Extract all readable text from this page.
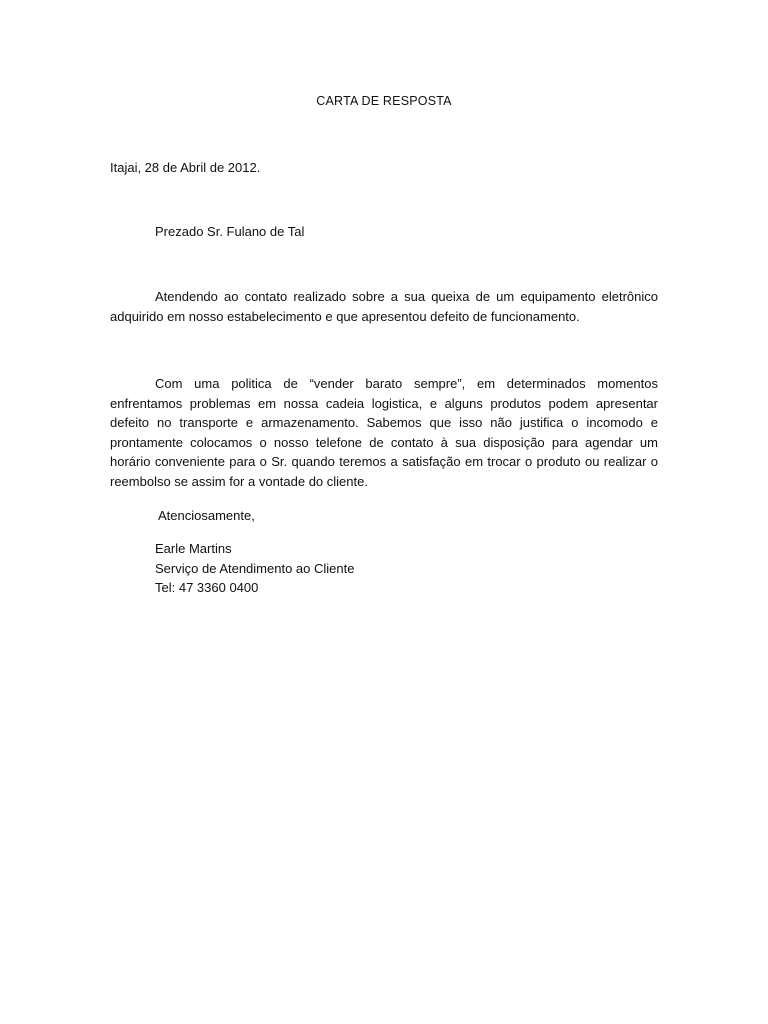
CARTA DE RESPOSTA

Itajai, 28 de Abril de 2012.

Prezado Sr. Fulano de Tal

Atendendo ao contato realizado sobre a sua queixa de um equipamento eletrônico adquirido em nosso estabelecimento e que apresentou defeito de funcionamento.

Com uma politica de “vender barato sempre”, em determinados momentos enfrentamos problemas em nossa cadeia logistica, e alguns produtos podem apresentar defeito no transporte e armazenamento. Sabemos que isso não justifica o incomodo e prontamente colocamos o nosso telefone de contato à sua disposição para agendar um horário conveniente para o Sr. quando teremos a satisfação em trocar o produto ou realizar o reembolso se assim for a vontade do cliente.

Atenciosamente,

Earle Martins

Serviço de Atendimento ao Cliente

Tel: 47 3360 0400
